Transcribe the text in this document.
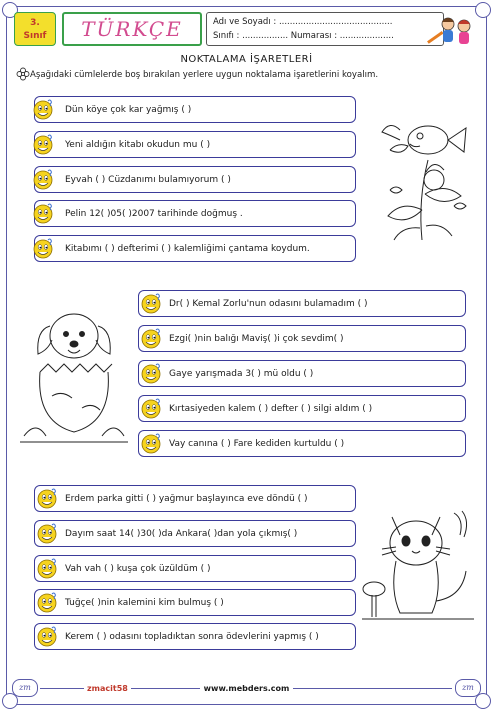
3.
Sınıf	TÜRKÇE	Adı ve Soyadı : ..........................................
Sınıfı : ................. Numarası : ....................
NOKTALAMA İŞARETLERİ
Aşağıdaki cümlelerde boş bırakılan yerlere uygun noktalama işaretlerini koyalım.
Dün köye çok kar yağmış ( )
Yeni aldığın kitabı okudun mu ( )
Eyvah ( ) Cüzdanımı bulamıyorum ( )
Pelin 12( )05( )2007 tarihinde doğmuş .
Kitabımı ( ) defterimi ( ) kalemliğimi çantama koydum.
Dr( ) Kemal Zorlu'nun odasını bulamadım ( )
Ezgi( )nin balığı Maviş( )i çok sevdim( )
Gaye yarışmada 3( ) mü oldu ( )
Kırtasiyeden kalem ( ) defter ( ) silgi aldım ( )
Vay canına ( ) Fare kediden kurtuldu ( )
Erdem parka gitti ( ) yağmur başlayınca eve döndü ( )
Dayım saat 14( )30( )da Ankara( )dan yola çıkmış( )
Vah vah ( ) kuşa çok üzüldüm ( )
Tuğçe( )nin kalemini kim bulmuş ( )
Kerem ( ) odasını topladıktan sonra ödevlerini yapmış ( )
zmacit58	www.mebders.com
zm	zm
